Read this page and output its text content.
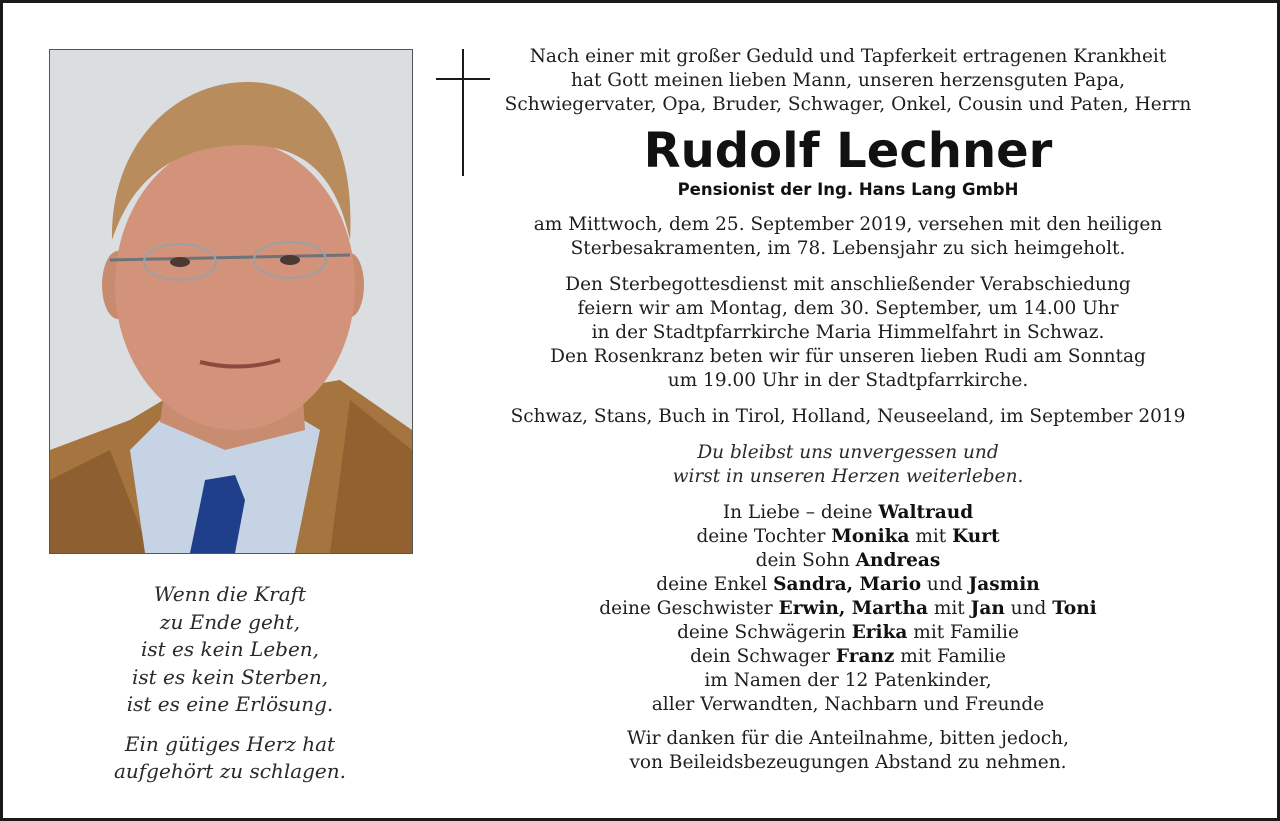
Wenn die Kraft

zu Ende geht,

ist es kein Leben,

ist es kein Sterben,

ist es eine Erlösung.

Ein gütiges Herz hat

aufgehört zu schlagen.

Nach einer mit großer Geduld und Tapferkeit ertragenen Krankheit

hat Gott meinen lieben Mann, unseren herzensguten Papa,

Schwiegervater, Opa, Bruder, Schwager, Onkel, Cousin und Paten, Herrn

Rudolf Lechner

Pensionist der Ing. Hans Lang GmbH

am Mittwoch, dem 25. September 2019, versehen mit den heiligen

Sterbesakramenten, im 78. Lebensjahr zu sich heimgeholt.

Den Sterbegottesdienst mit anschließender Verabschiedung

feiern wir am Montag, dem 30. September, um 14.00 Uhr

in der Stadtpfarrkirche Maria Himmelfahrt in Schwaz.

Den Rosenkranz beten wir für unseren lieben Rudi am Sonntag

um 19.00 Uhr in der Stadtpfarrkirche.

Schwaz, Stans, Buch in Tirol, Holland, Neuseeland, im September 2019

Du bleibst uns unvergessen und

wirst in unseren Herzen weiterleben.

In Liebe – deine Waltraud

deine Tochter Monika mit Kurt

dein Sohn Andreas

deine Enkel Sandra, Mario und Jasmin

deine Geschwister Erwin, Martha mit Jan und Toni

deine Schwägerin Erika mit Familie

dein Schwager Franz mit Familie

im Namen der 12 Patenkinder,

aller Verwandten, Nachbarn und Freunde

Wir danken für die Anteilnahme, bitten jedoch,

von Beileidsbezeugungen Abstand zu nehmen.
